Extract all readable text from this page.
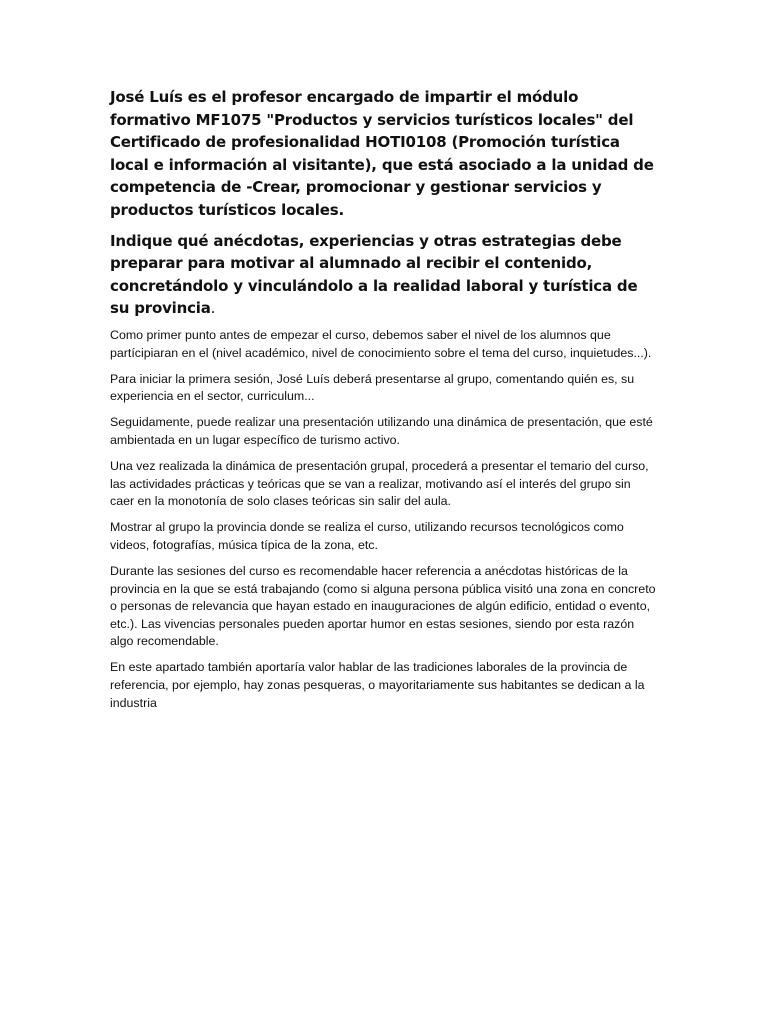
José Luís es el profesor encargado de impartir el módulo formativo MF1075 "Productos y servicios turísticos locales" del Certificado de profesionalidad HOTI0108 (Promoción turística local e información al visitante), que está asociado a la unidad de competencia de -Crear, promocionar y gestionar servicios y productos turísticos locales.

Indique qué anécdotas, experiencias y otras estrategias debe preparar para motivar al alumnado al recibir el contenido, concretándolo y vinculándolo a la realidad laboral y turística de su provincia.

Como primer punto antes de empezar el curso, debemos saber el nivel de los alumnos que partícipiaran en el (nivel académico, nivel de conocimiento sobre el tema del curso, inquietudes...).

Para iniciar la primera sesión, José Luís deberá presentarse al grupo, comentando quién es, su experiencia en el sector, curriculum...

Seguidamente, puede realizar una presentación utilizando una dinámica de presentación, que esté ambientada en un lugar específico de turismo activo.

Una vez realizada la dinámica de presentación grupal, procederá a presentar el temario del curso, las actividades prácticas y teóricas que se van a realizar, motivando así el interés del grupo sin caer en la monotonía de solo clases teóricas sin salir del aula.

Mostrar al grupo la provincia donde se realiza el curso, utilizando recursos tecnológicos como videos, fotografías, música típica de la zona, etc.

Durante las sesiones del curso es recomendable hacer referencia a anécdotas históricas de la provincia en la que se está trabajando (como si alguna persona pública visitó una zona en concreto o personas de relevancia que hayan estado en inauguraciones de algún edificio, entidad o evento, etc.). Las vivencias personales pueden aportar humor en estas sesiones, siendo por esta razón algo recomendable.

En este apartado también aportaría valor hablar de las tradiciones laborales de la provincia de referencia, por ejemplo, hay zonas pesqueras, o mayoritariamente sus habitantes se dedican a la industria
